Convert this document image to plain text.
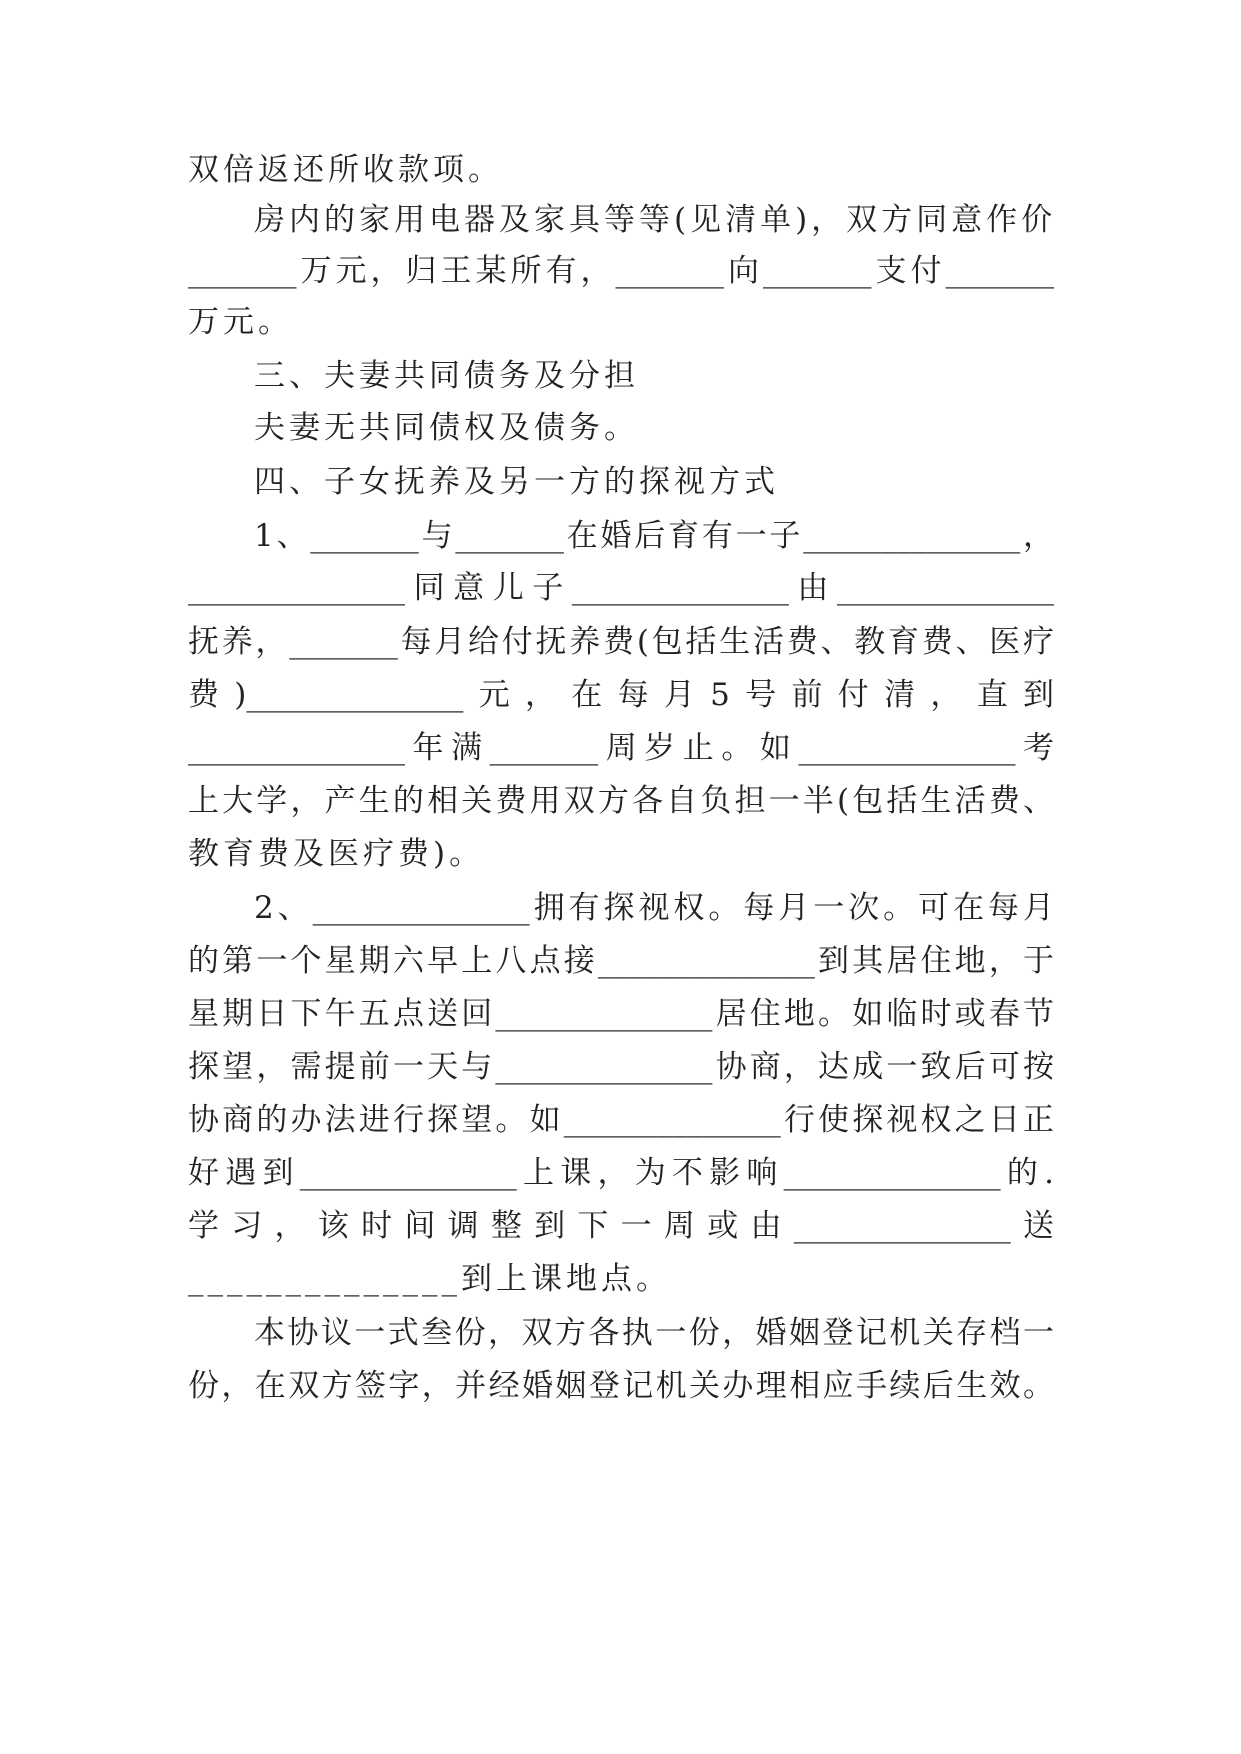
双倍返还所收款项。
房内的家用电器及家具等等(见清单)，双方同意作价
_______万元，归王某所有，_______向_______支付_______
万元。
三、夫妻共同债务及分担
夫妻无共同债权及债务。
四、子女抚养及另一方的探视方式
1、_______与_______在婚后育有一子______________，
______________同意儿子______________由______________
抚养，_______每月给付抚养费(包括生活费、教育费、医疗
费)______________元，在每月5号前付清，直到
______________年满_______周岁止。如______________考
上大学，产生的相关费用双方各自负担一半(包括生活费、
教育费及医疗费)。
2、______________拥有探视权。每月一次。可在每月
的第一个星期六早上八点接______________到其居住地，于
星期日下午五点送回______________居住地。如临时或春节
探望，需提前一天与______________协商，达成一致后可按
协商的办法进行探望。如______________行使探视权之日正
好遇到______________上课，为不影响______________的.
学习，该时间调整到下一周或由______________送
______________到上课地点。
本协议一式叁份，双方各执一份，婚姻登记机关存档一
份，在双方签字，并经婚姻登记机关办理相应手续后生效。
